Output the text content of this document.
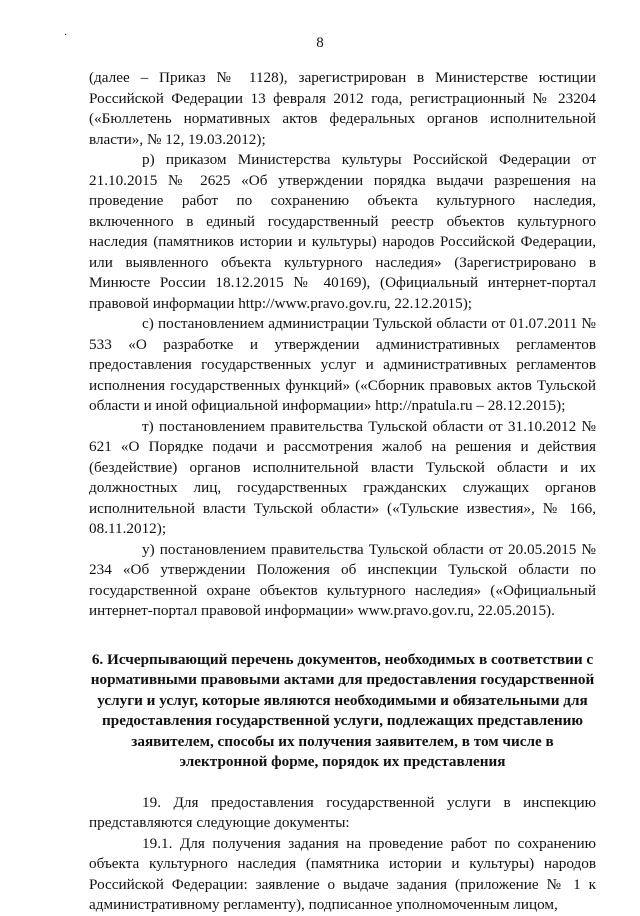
·	8

(далее – Приказ № 1128), зарегистрирован в Министерстве юстиции Российской Федерации 13 февраля 2012 года, регистрационный № 23204 («Бюллетень нормативных актов федеральных органов исполнительной власти», № 12, 19.03.2012);

р) приказом Министерства культуры Российской Федерации от 21.10.2015 № 2625 «Об утверждении порядка выдачи разрешения на проведение работ по сохранению объекта культурного наследия, включенного в единый государственный реестр объектов культурного наследия (памятников истории и культуры) народов Российской Федерации, или выявленного объекта культурного наследия» (Зарегистрировано в Минюсте России 18.12.2015 № 40169), (Официальный интернет-портал правовой информации http://www.pravo.gov.ru, 22.12.2015);

с) постановлением администрации Тульской области от 01.07.2011 № 533 «О разработке и утверждении административных регламентов предоставления государственных услуг и административных регламентов исполнения государственных функций» («Сборник правовых актов Тульской области и иной официальной информации» http://npatula.ru – 28.12.2015);

т) постановлением правительства Тульской области от 31.10.2012 № 621 «О Порядке подачи и рассмотрения жалоб на решения и действия (бездействие) органов исполнительной власти Тульской области и их должностных лиц, государственных гражданских служащих органов исполнительной власти Тульской области» («Тульские известия», № 166, 08.11.2012);

у) постановлением правительства Тульской области от 20.05.2015 № 234 «Об утверждении Положения об инспекции Тульской области по государственной охране объектов культурного наследия» («Официальный интернет-портал правовой информации» www.pravo.gov.ru, 22.05.2015).

6. Исчерпывающий перечень документов, необходимых в соответствии с нормативными правовыми актами для предоставления государственной услуги и услуг, которые являются необходимыми и обязательными для предоставления государственной услуги, подлежащих представлению заявителем, способы их получения заявителем, в том числе в электронной форме, порядок их представления

19. Для предоставления государственной услуги в инспекцию представляются следующие документы:

19.1. Для получения задания на проведение работ по сохранению объекта культурного наследия (памятника истории и культуры) народов Российской Федерации: заявление о выдаче задания (приложение № 1 к административному регламенту), подписанное уполномоченным лицом,
